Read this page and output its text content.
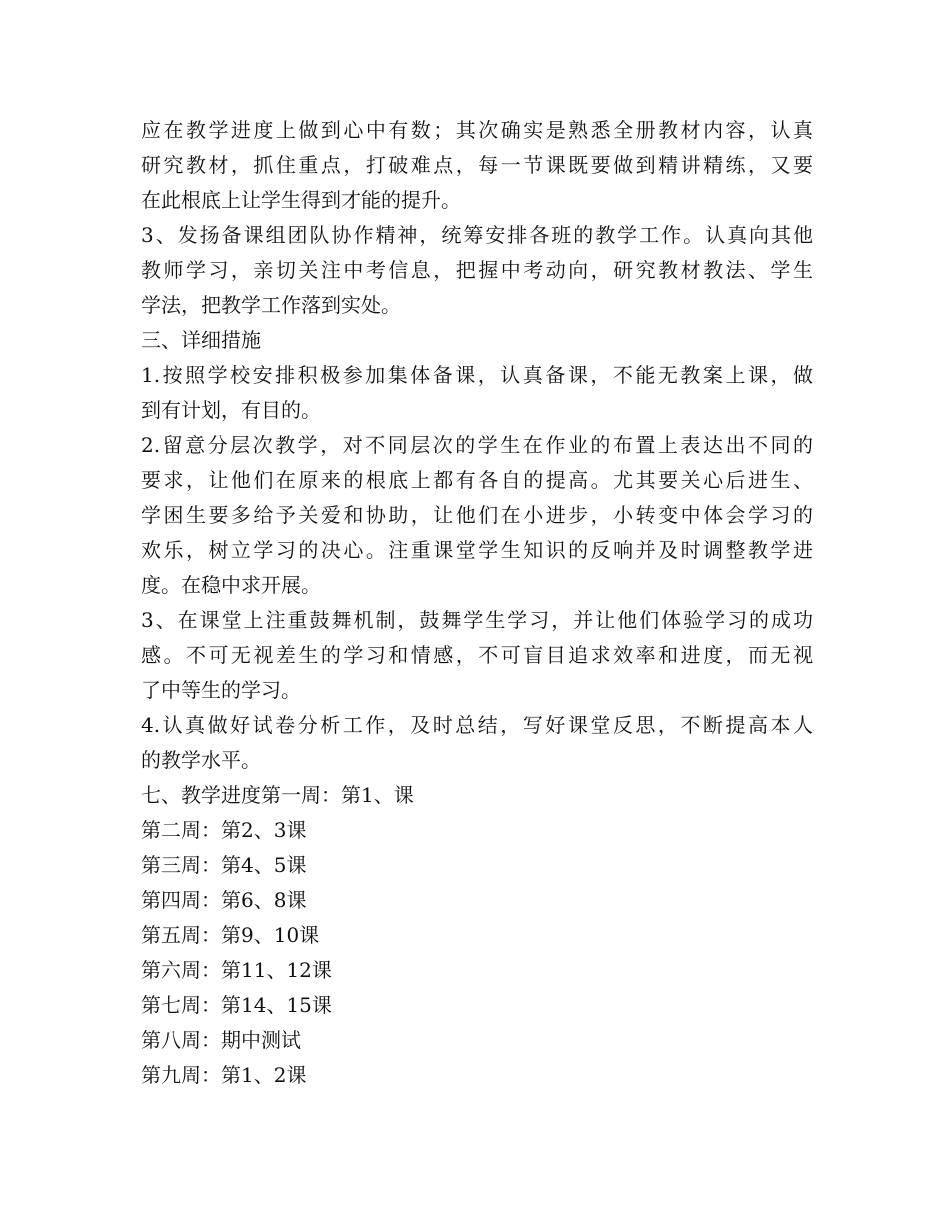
应在教学进度上做到心中有数；其次确实是熟悉全册教材内容，认真
研究教材，抓住重点，打破难点，每一节课既要做到精讲精练，又要
在此根底上让学生得到才能的提升。
3、发扬备课组团队协作精神，统筹安排各班的教学工作。认真向其他
教师学习，亲切关注中考信息，把握中考动向，研究教材教法、学生
学法，把教学工作落到实处。
三、详细措施
1.按照学校安排积极参加集体备课，认真备课，不能无教案上课，做
到有计划，有目的。
2.留意分层次教学，对不同层次的学生在作业的布置上表达出不同的
要求，让他们在原来的根底上都有各自的提高。尤其要关心后进生、
学困生要多给予关爱和协助，让他们在小进步，小转变中体会学习的
欢乐，树立学习的决心。注重课堂学生知识的反响并及时调整教学进
度。在稳中求开展。
3、在课堂上注重鼓舞机制，鼓舞学生学习，并让他们体验学习的成功
感。不可无视差生的学习和情感，不可盲目追求效率和进度，而无视
了中等生的学习。
4.认真做好试卷分析工作，及时总结，写好课堂反思，不断提高本人
的教学水平。
七、教学进度第一周：第1、课
第二周：第2、3课
第三周：第4、5课
第四周：第6、8课
第五周：第9、10课
第六周：第11、12课
第七周：第14、15课
第八周：期中测试
第九周：第1、2课
